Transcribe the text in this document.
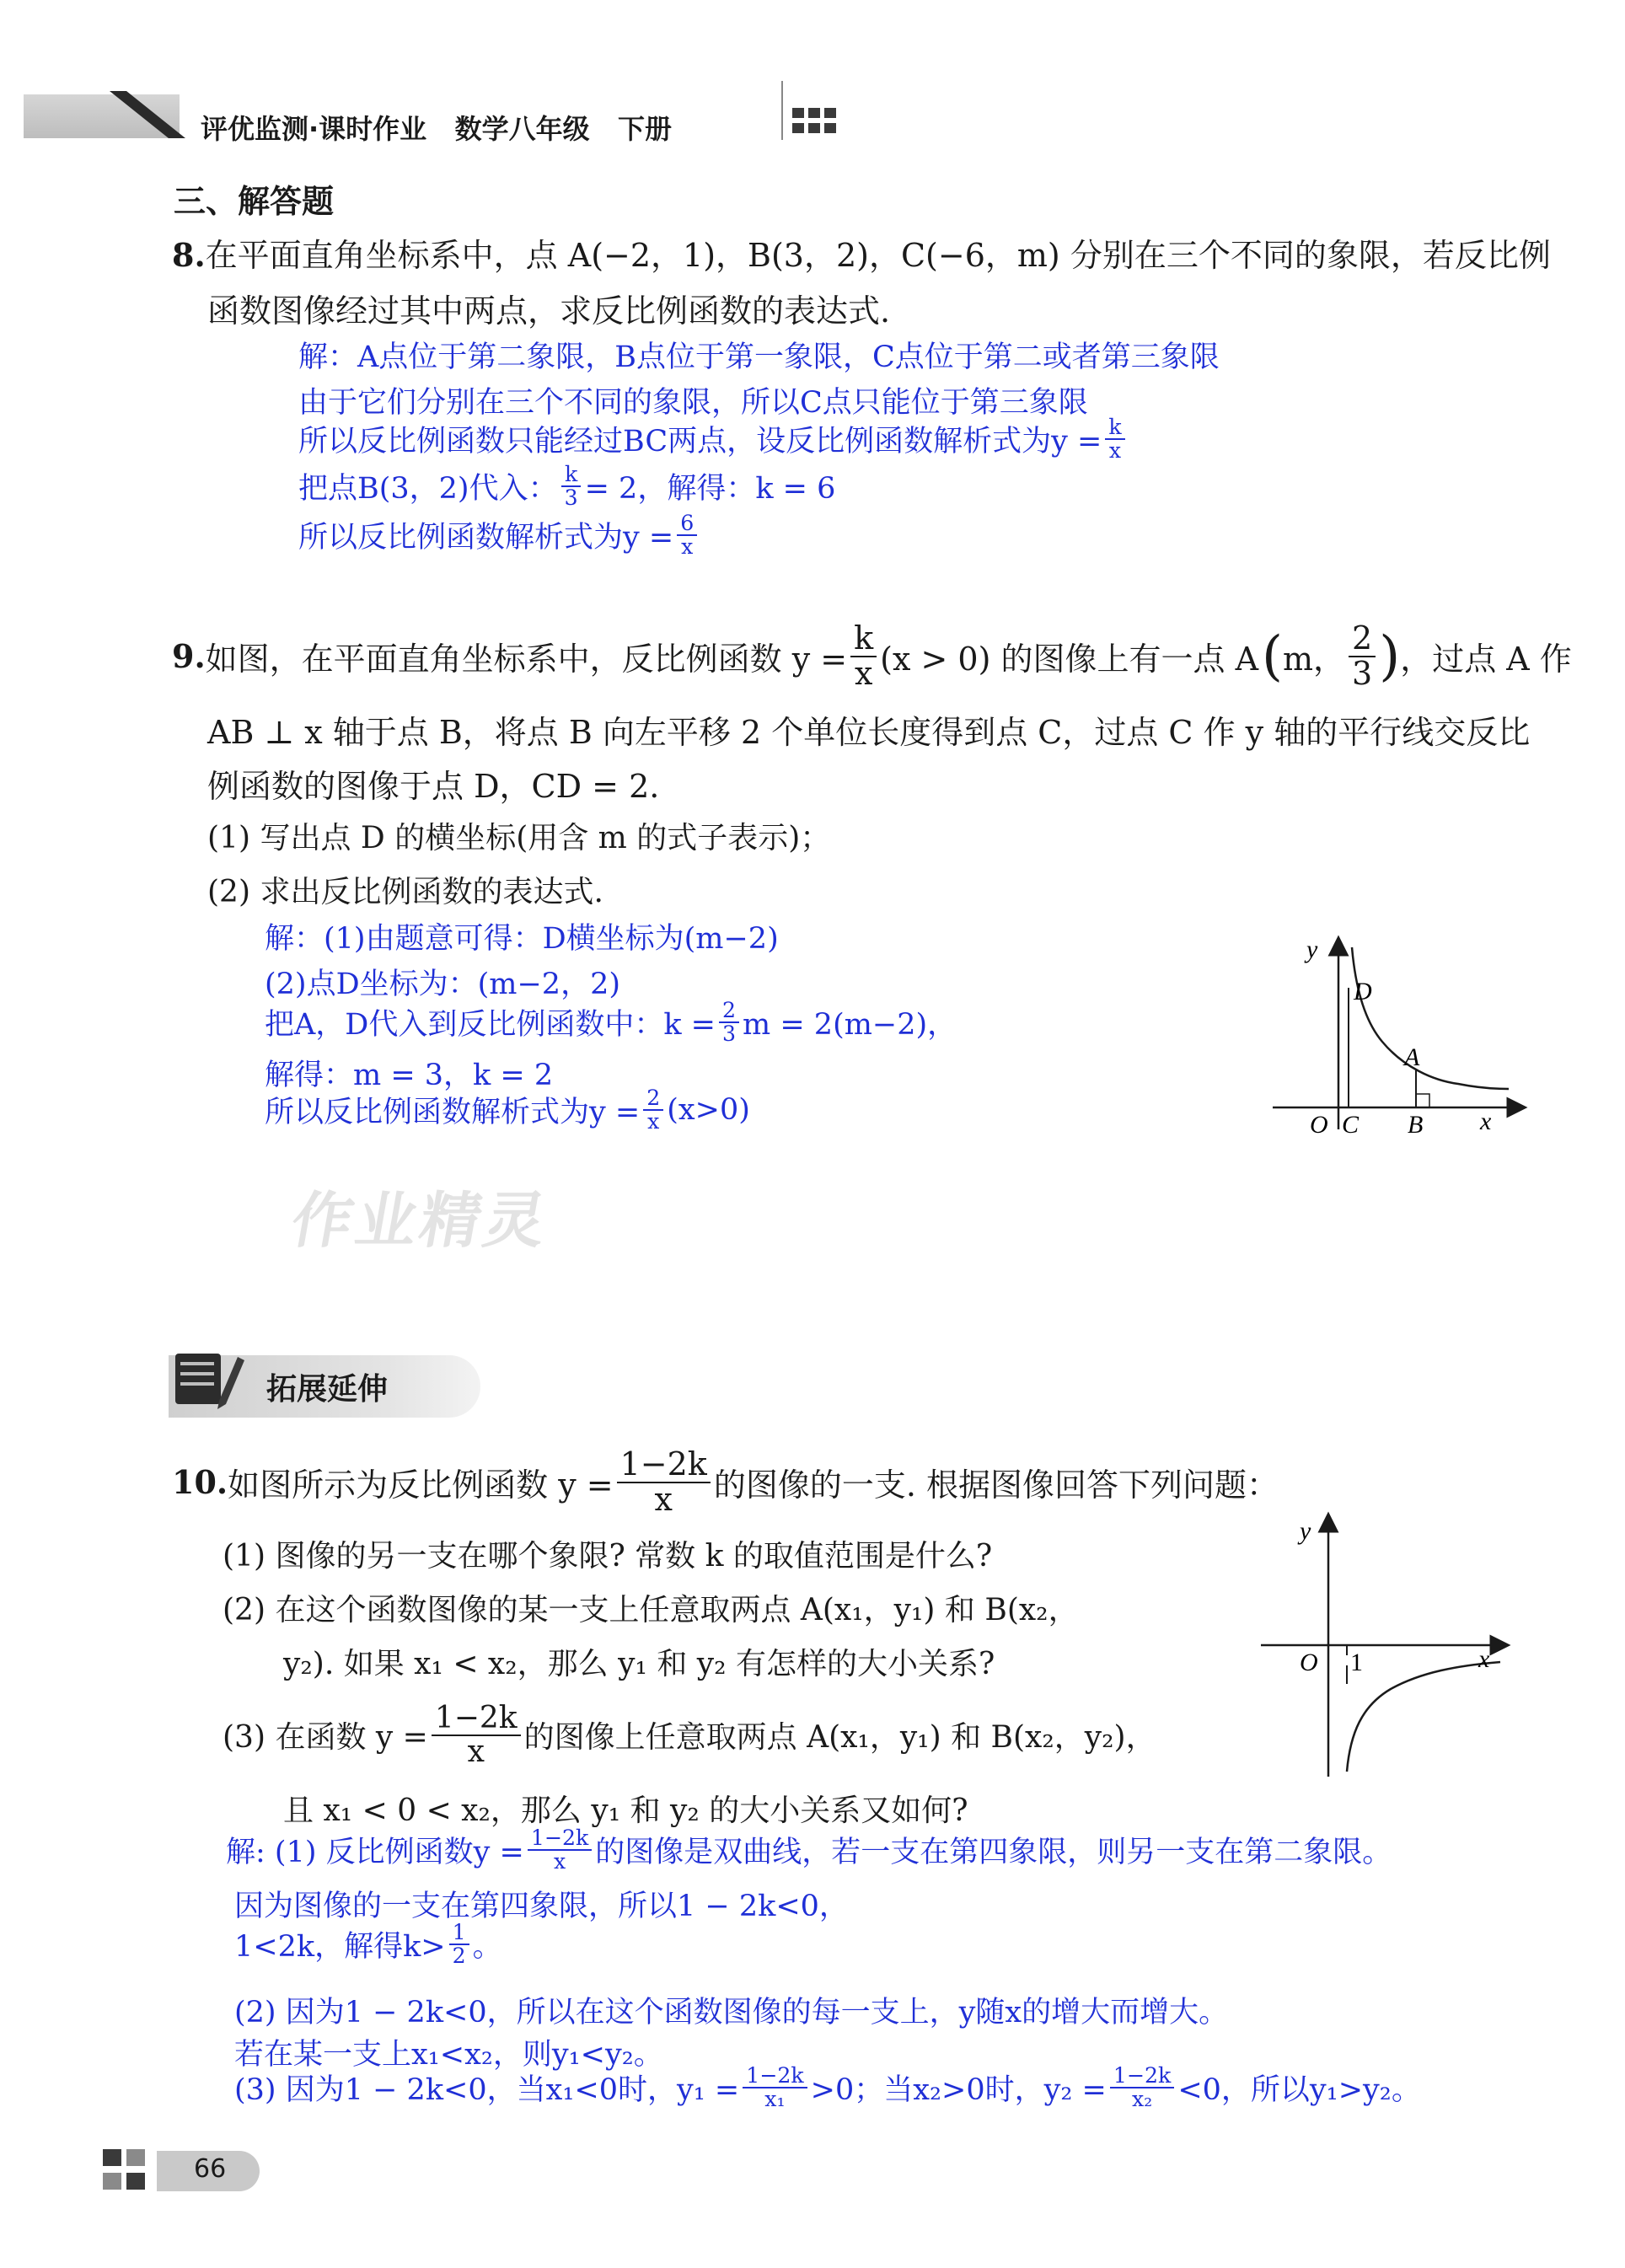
评优监测·课时作业 数学八年级 下册
三、解答题
8.在平面直角坐标系中，点 A(−2，1)，B(3，2)，C(−6，m) 分别在三个不同的象限，若反比例
函数图像经过其中两点，求反比例函数的表达式.
解：A点位于第二象限，B点位于第一象限，C点位于第二或者第三象限
由于它们分别在三个不同的象限，所以C点只能位于第三象限
所以反比例函数只能经过BC两点，设反比例函数解析式为$y = \frac{k}{x}$
把点B(3，2)代入： $\frac{k}{3} = 2$，解得：k = 6
所以反比例函数解析式为$y = \frac{6}{x}$
9. 如图，在平面直角坐标系中，反比例函数 $y = \frac{k}{x} (x > 0)$ 的图像上有一点 A ( m， $\frac{2}{3}$ ) ，过点 A 作
AB ⊥ x 轴于点 B，将点 B 向左平移 2 个单位长度得到点 C，过点 C 作 y 轴的平行线交反比
例函数的图像于点 D，CD = 2.
(1) 写出点 D 的横坐标(用含 m 的式子表示)；
(2) 求出反比例函数的表达式.
解：(1)由题意可得：D横坐标为(m−2)
(2)点D坐标为：(m−2，2)
把A，D代入到反比例函数中：$k = \frac{2}{3}$ m = 2(m−2)，
解得：m = 3，k = 2
所以反比例函数解析式为$y = \frac{2}{x} (x>0)$
y
x
O C B
D
A
作业精灵
拓展延伸
10. 如图所示为反比例函数 $y = \frac{1-2k}{x}$ 的图像的一支. 根据图像回答下列问题：
(1) 图像的另一支在哪个象限? 常数 k 的取值范围是什么?
(2) 在这个函数图像的某一支上任意取两点 A(x₁，y₁) 和 B(x₂，
y₂). 如果 x₁ < x₂，那么 y₁ 和 y₂ 有怎样的大小关系?
(3) 在函数 $y = \frac{1-2k}{x}$ 的图像上任意取两点 A(x₁，y₁) 和 B(x₂，y₂)，
且 x₁ < 0 < x₂，那么 y₁ 和 y₂ 的大小关系又如何?
y
x
O 1
解: (1) 反比例函数$y = \frac{1-2k}{x}$ 的图像是双曲线，若一支在第四象限，则另一支在第二象限。
因为图像的一支在第四象限，所以1 − 2k<0，
1<2k，解得$k> \frac{1}{2}$ 。
(2) 因为1 − 2k<0，所以在这个函数图像的每一支上，y随x的增大而增大。
若在某一支上x₁<x₂，则y₁<y₂。
(3) 因为1 − 2k<0，当x₁<0时，$y_1 = \frac{1-2k}{\text{x₁}} >0$；当x₂>0时，$y_2 = \frac{1-2k}{\text{x₂}} <0$，所以y₁>y₂。
66
